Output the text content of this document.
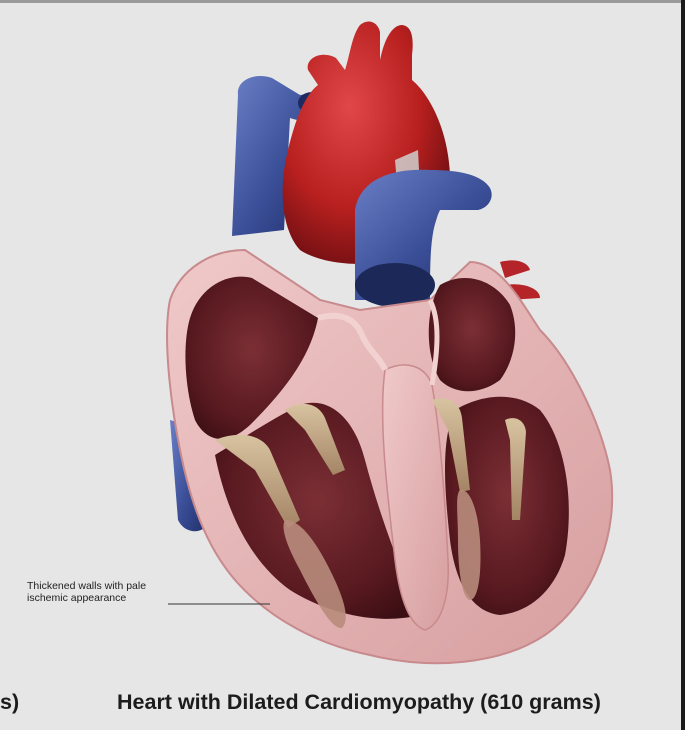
Thickened walls with pale
ischemic appearance
s)	Heart with Dilated Cardiomyopathy (610 grams)
